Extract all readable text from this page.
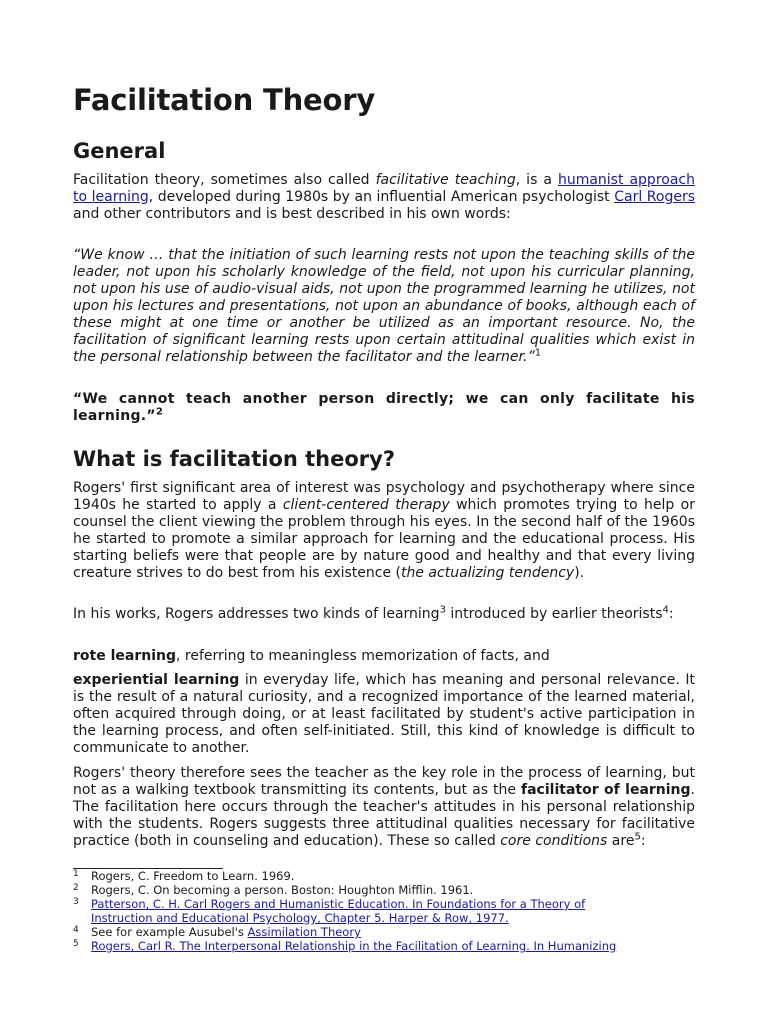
Facilitation Theory
General

Facilitation theory, sometimes also called facilitative teaching, is a humanist approach to learning, developed during 1980s by an influential American psychologist Carl Rogers and other contributors and is best described in his own words:

“We know … that the initiation of such learning rests not upon the teaching skills of the leader, not upon his scholarly knowledge of the field, not upon his curricular planning, not upon his use of audio-visual aids, not upon the programmed learning he utilizes, not upon his lectures and presentations, not upon an abundance of books, although each of these might at one time or another be utilized as an important resource. No, the facilitation of significant learning rests upon certain attitudinal qualities which exist in the personal relationship between the facilitator and the learner.”$^1$

“We cannot teach another person directly; we can only facilitate his learning.”$^2$

What is facilitation theory?

Rogers' first significant area of interest was psychology and psychotherapy where since 1940s he started to apply a client-centered therapy which promotes trying to help or counsel the client viewing the problem through his eyes. In the second half of the 1960s he started to promote a similar approach for learning and the educational process. His starting beliefs were that people are by nature good and healthy and that every living creature strives to do best from his existence (the actualizing tendency).

In his works, Rogers addresses two kinds of learning$^3$ introduced by earlier theorists$^4$:

rote learning, referring to meaningless memorization of facts, and

experiential learning in everyday life, which has meaning and personal relevance. It is the result of a natural curiosity, and a recognized importance of the learned material, often acquired through doing, or at least facilitated by student's active participation in the learning process, and often self-initiated. Still, this kind of knowledge is difficult to communicate to another.

Rogers' theory therefore sees the teacher as the key role in the process of learning, but not as a walking textbook transmitting its contents, but as the facilitator of learning. The facilitation here occurs through the teacher's attitudes in his personal relationship with the students. Rogers suggests three attitudinal qualities necessary for facilitative practice (both in counseling and education). These so called core conditions are$^5$:

1 Rogers, C. Freedom to Learn. 1969.
2 Rogers, C. On becoming a person. Boston: Houghton Mifflin. 1961.
3 Patterson, C. H. Carl Rogers and Humanistic Education. In Foundations for a Theory of
Instruction and Educational Psychology, Chapter 5. Harper & Row, 1977.
4 See for example Ausubel's Assimilation Theory
5 Rogers, Carl R. The Interpersonal Relationship in the Facilitation of Learning. In Humanizing
